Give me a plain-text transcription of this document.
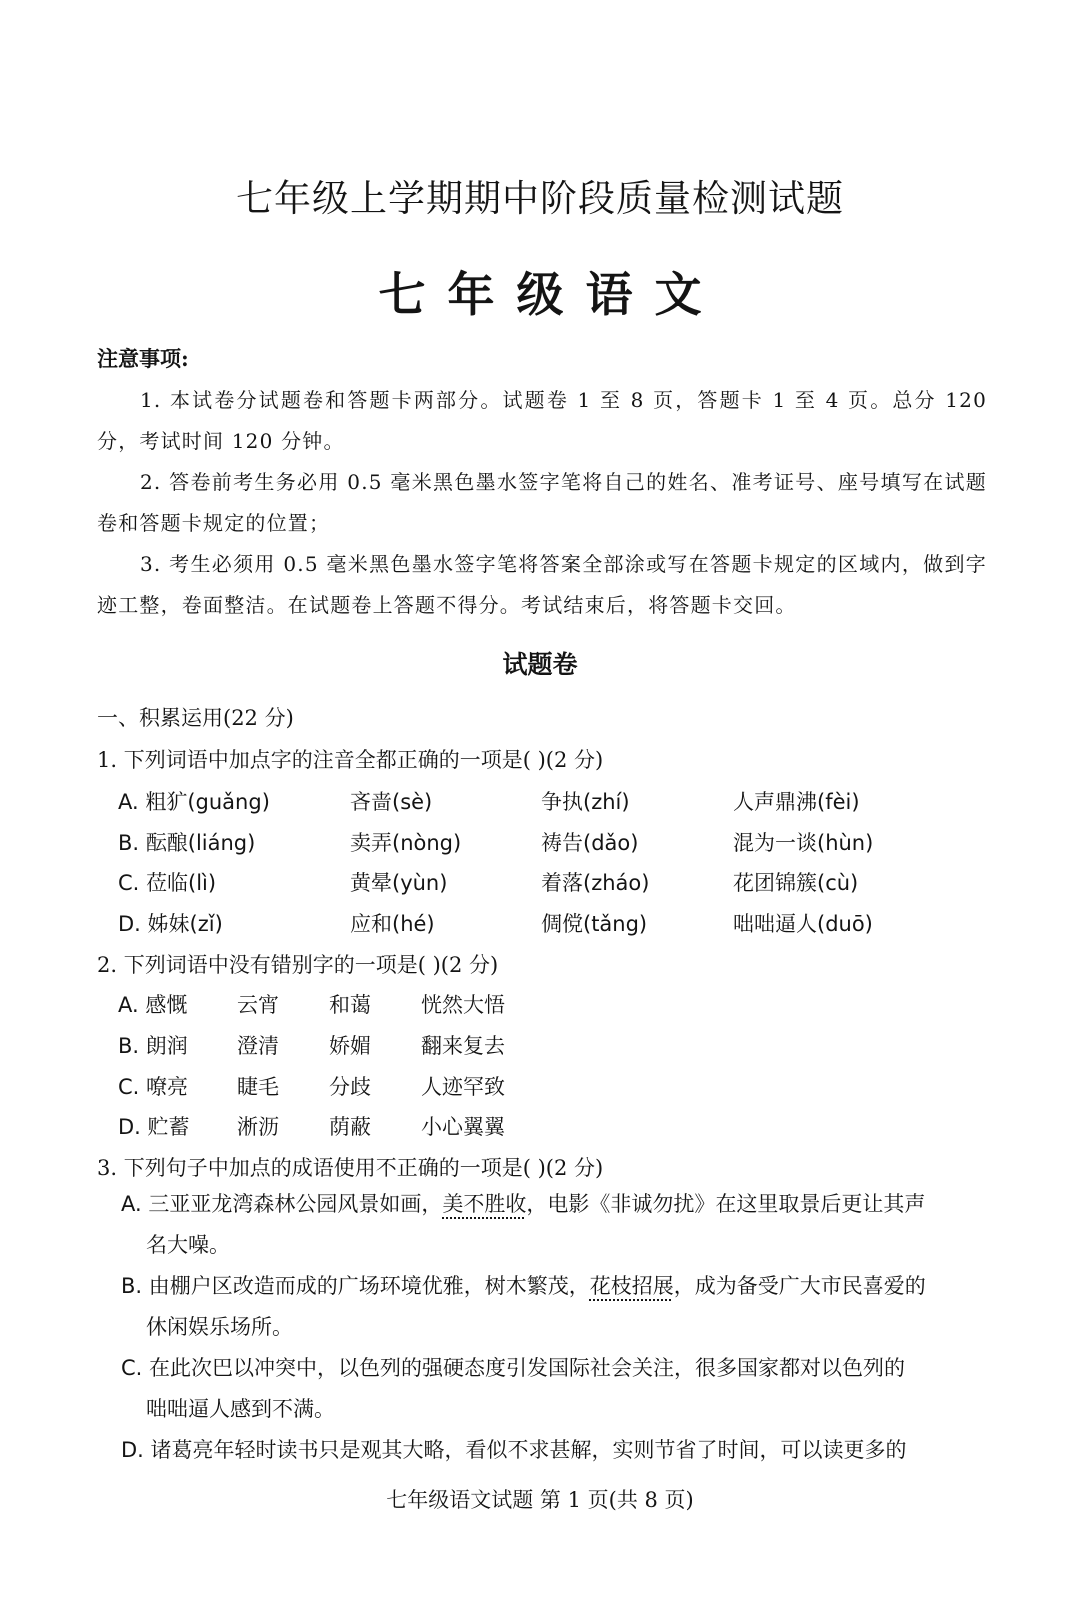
七年级上学期期中阶段质量检测试题
七年级语文
注意事项:
1. 本试卷分试题卷和答题卡两部分。试题卷 1 至 8 页，答题卡 1 至 4 页。总分 120 分，考试时间 120 分钟。
2. 答卷前考生务必用 0.5 毫米黑色墨水签字笔将自己的姓名、准考证号、座号填写在试题卷和答题卡规定的位置；
3. 考生必须用 0.5 毫米黑色墨水签字笔将答案全部涂或写在答题卡规定的区域内，做到字迹工整，卷面整洁。在试题卷上答题不得分。考试结束后，将答题卡交回。
试题卷
一、积累运用(22 分)
1. 下列词语中加点字的注音全都正确的一项是( )(2 分)
A. 粗犷(guǎng)	吝啬(sè)	争执(zhí)	人声鼎沸(fèi)
B. 酝酿(liáng)	卖弄(nòng)	祷告(dǎo)	混为一谈(hùn)
C. 莅临(lì)	黄晕(yùn)	着落(zháo)	花团锦簇(cù)
D. 姊妹(zǐ)	应和(hé)	倜傥(tǎng)	咄咄逼人(duō)
2. 下列词语中没有错别字的一项是( )(2 分)
A. 感慨 云宵 和蔼 恍然大悟
B. 朗润 澄清 娇媚 翻来复去
C. 嘹亮 睫毛 分歧 人迹罕致
D. 贮蓄 淅沥 荫蔽 小心翼翼
3. 下列句子中加点的成语使用不正确的一项是( )(2 分)
A. 三亚亚龙湾森林公园风景如画，美不胜收，电影《非诚勿扰》在这里取景后更让其声
名大噪。
B. 由棚户区改造而成的广场环境优雅，树木繁茂，花枝招展，成为备受广大市民喜爱的
休闲娱乐场所。
C. 在此次巴以冲突中，以色列的强硬态度引发国际社会关注，很多国家都对以色列的
咄咄逼人感到不满。
D. 诸葛亮年轻时读书只是观其大略，看似不求甚解，实则节省了时间，可以读更多的
七年级语文试题 第 1 页(共 8 页)
